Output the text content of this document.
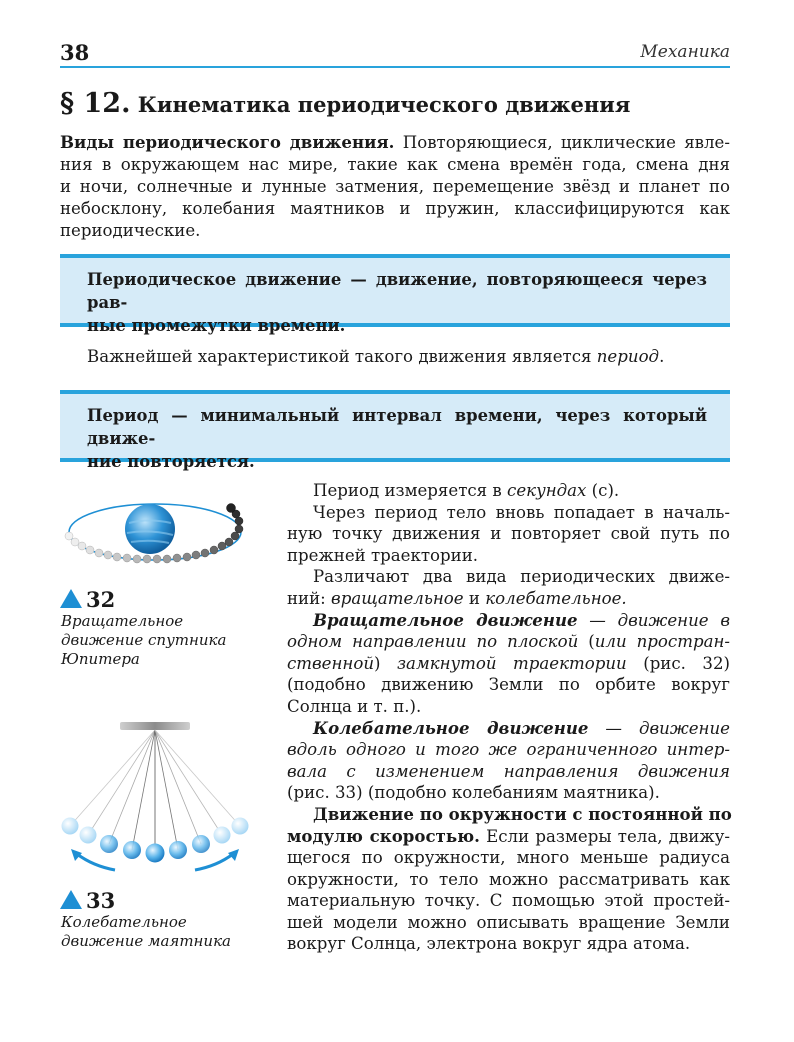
38	Механика
§ 12. Кинематика периодического движения
Виды периодического движения. Повторяющиеся, циклические явле-
ния в окружающем нас мире, такие как смена времён года, смена дня
и ночи, солнечные и лунные затмения, перемещение звёзд и планет по
небосклону, колебания маятников и пружин, классифицируются как
периодические.
Периодическое движение — движение, повторяющееся через рав-
ные промежутки времени.
Важнейшей характеристикой такого движения является период.
Период — минимальный интервал времени, через который движе-
ние повторяется.
32
Вращательное
движение спутника
Юпитера
33
Колебательное
движение маятника
Период измеряется в секундах (с).
Через период тело вновь попадает в началь-
ную точку движения и повторяет свой путь по
прежней траектории.
Различают два вида периодических движе-
ний: вращательное и колебательное.
Вращательное движение — движение в
одном направлении по плоской (или простран-
ственной) замкнутой траектории (рис. 32)
(подобно движению Земли по орбите вокруг
Солнца и т. п.).
Колебательное движение — движение
вдоль одного и того же ограниченного интер-
вала с изменением направления движения
(рис. 33) (подобно колебаниям маятника).
Движение по окружности с постоянной по
модулю скоростью. Если размеры тела, движу-
щегося по окружности, много меньше радиуса
окружности, то тело можно рассматривать как
материальную точку. С помощью этой простей-
шей модели можно описывать вращение Земли
вокруг Солнца, электрона вокруг ядра атома.
